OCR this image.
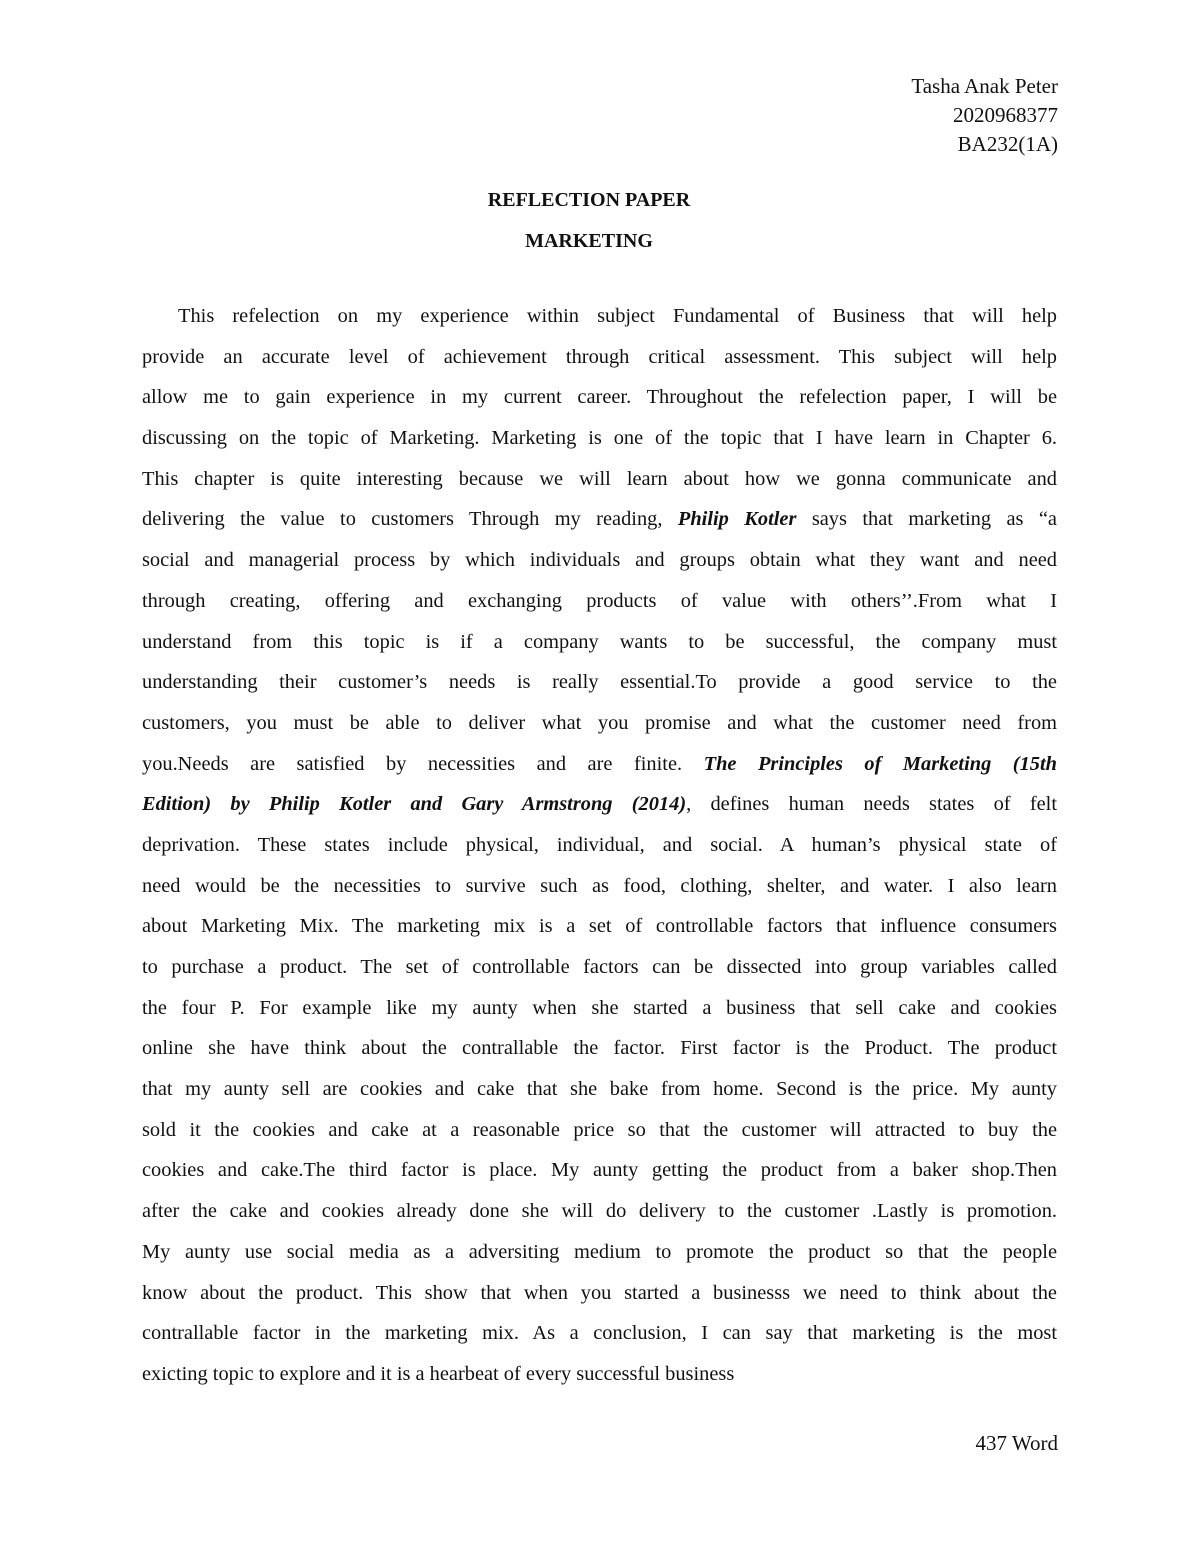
Tasha Anak Peter
2020968377
BA232(1A)
REFLECTION PAPER
MARKETING
This refelection on my experience within subject Fundamental of Business that will help
provide an accurate level of achievement through critical assessment. This subject will help
allow me to gain experience in my current career. Throughout the refelection paper, I will be
discussing on the topic of Marketing. Marketing is one of the topic that I have learn in Chapter 6.
This chapter is quite interesting because we will learn about how we gonna communicate and
delivering the value to customers Through my reading, Philip Kotler says that marketing as “a
social and managerial process by which individuals and groups obtain what they want and need
through creating, offering and exchanging products of value with others’’.From what I
understand from this topic is if a company wants to be successful, the company must
understanding their customer’s needs is really essential.To provide a good service to the
customers, you must be able to deliver what you promise and what the customer need from
you.Needs are satisfied by necessities and are finite. The Principles of Marketing (15th
Edition) by Philip Kotler and Gary Armstrong (2014), defines human needs states of felt
deprivation. These states include physical, individual, and social. A human’s physical state of
need would be the necessities to survive such as food, clothing, shelter, and water. I also learn
about Marketing Mix. The marketing mix is a set of controllable factors that influence consumers
to purchase a product. The set of controllable factors can be dissected into group variables called
the four P. For example like my aunty when she started a business that sell cake and cookies
online she have think about the contrallable the factor. First factor is the Product. The product
that my aunty sell are cookies and cake that she bake from home. Second is the price. My aunty
sold it the cookies and cake at a reasonable price so that the customer will attracted to buy the
cookies and cake.The third factor is place. My aunty getting the product from a baker shop.Then
after the cake and cookies already done she will do delivery to the customer .Lastly is promotion.
My aunty use social media as a adversiting medium to promote the product so that the people
know about the product. This show that when you started a businesss we need to think about the
contrallable factor in the marketing mix. As a conclusion, I can say that marketing is the most
exicting topic to explore and it is a hearbeat of every successful business
437 Word
